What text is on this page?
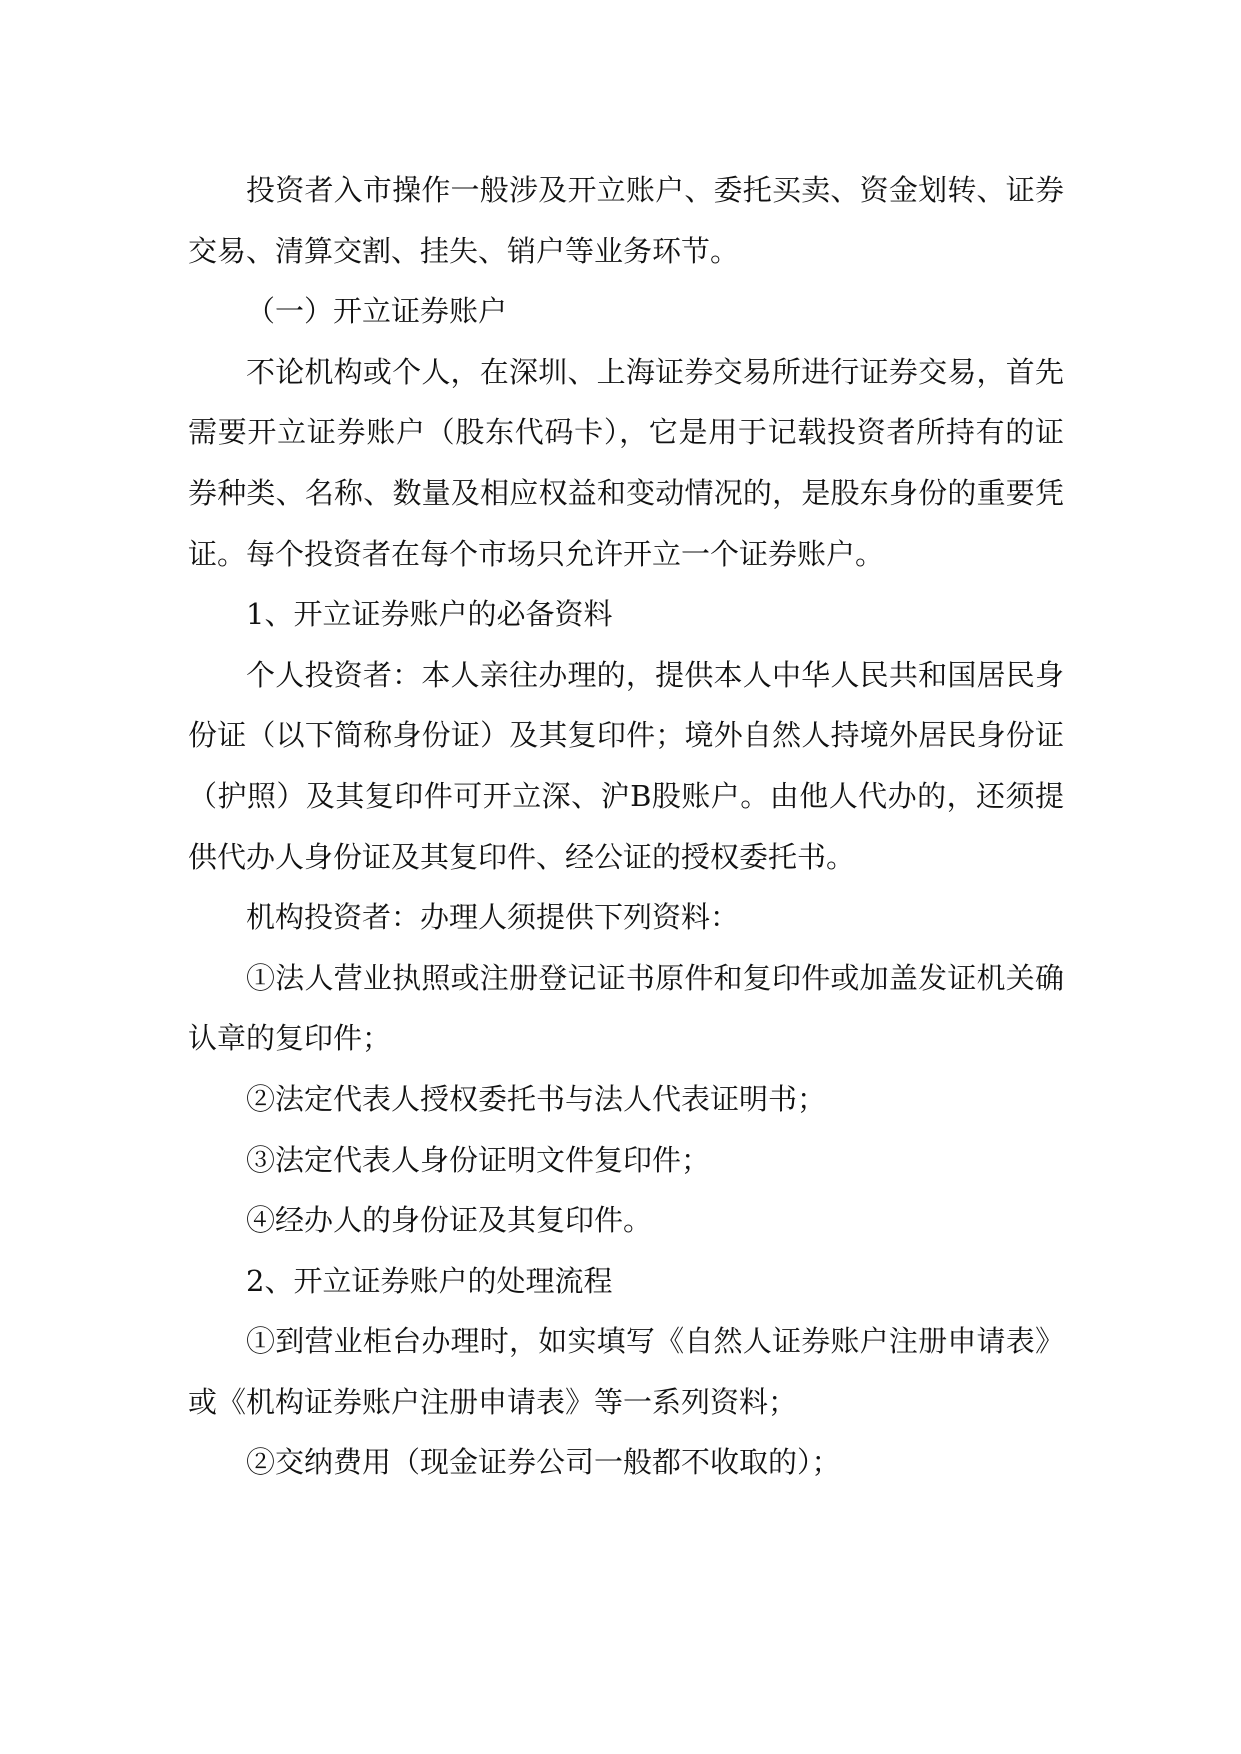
投资者入市操作一般涉及开立账户、委托买卖、资金划转、证券交易、清算交割、挂失、销户等业务环节。

（一）开立证券账户

不论机构或个人，在深圳、上海证券交易所进行证券交易，首先需要开立证券账户（股东代码卡），它是用于记载投资者所持有的证券种类、名称、数量及相应权益和变动情况的，是股东身份的重要凭证。每个投资者在每个市场只允许开立一个证券账户。

1、开立证券账户的必备资料

个人投资者：本人亲往办理的，提供本人中华人民共和国居民身份证（以下简称身份证）及其复印件；境外自然人持境外居民身份证（护照）及其复印件可开立深、沪B股账户。由他人代办的，还须提供代办人身份证及其复印件、经公证的授权委托书。

机构投资者：办理人须提供下列资料：

①法人营业执照或注册登记证书原件和复印件或加盖发证机关确认章的复印件；

②法定代表人授权委托书与法人代表证明书；

③法定代表人身份证明文件复印件；

④经办人的身份证及其复印件。

2、开立证券账户的处理流程

①到营业柜台办理时，如实填写《自然人证券账户注册申请表》或《机构证券账户注册申请表》等一系列资料；

②交纳费用（现金证券公司一般都不收取的）；
